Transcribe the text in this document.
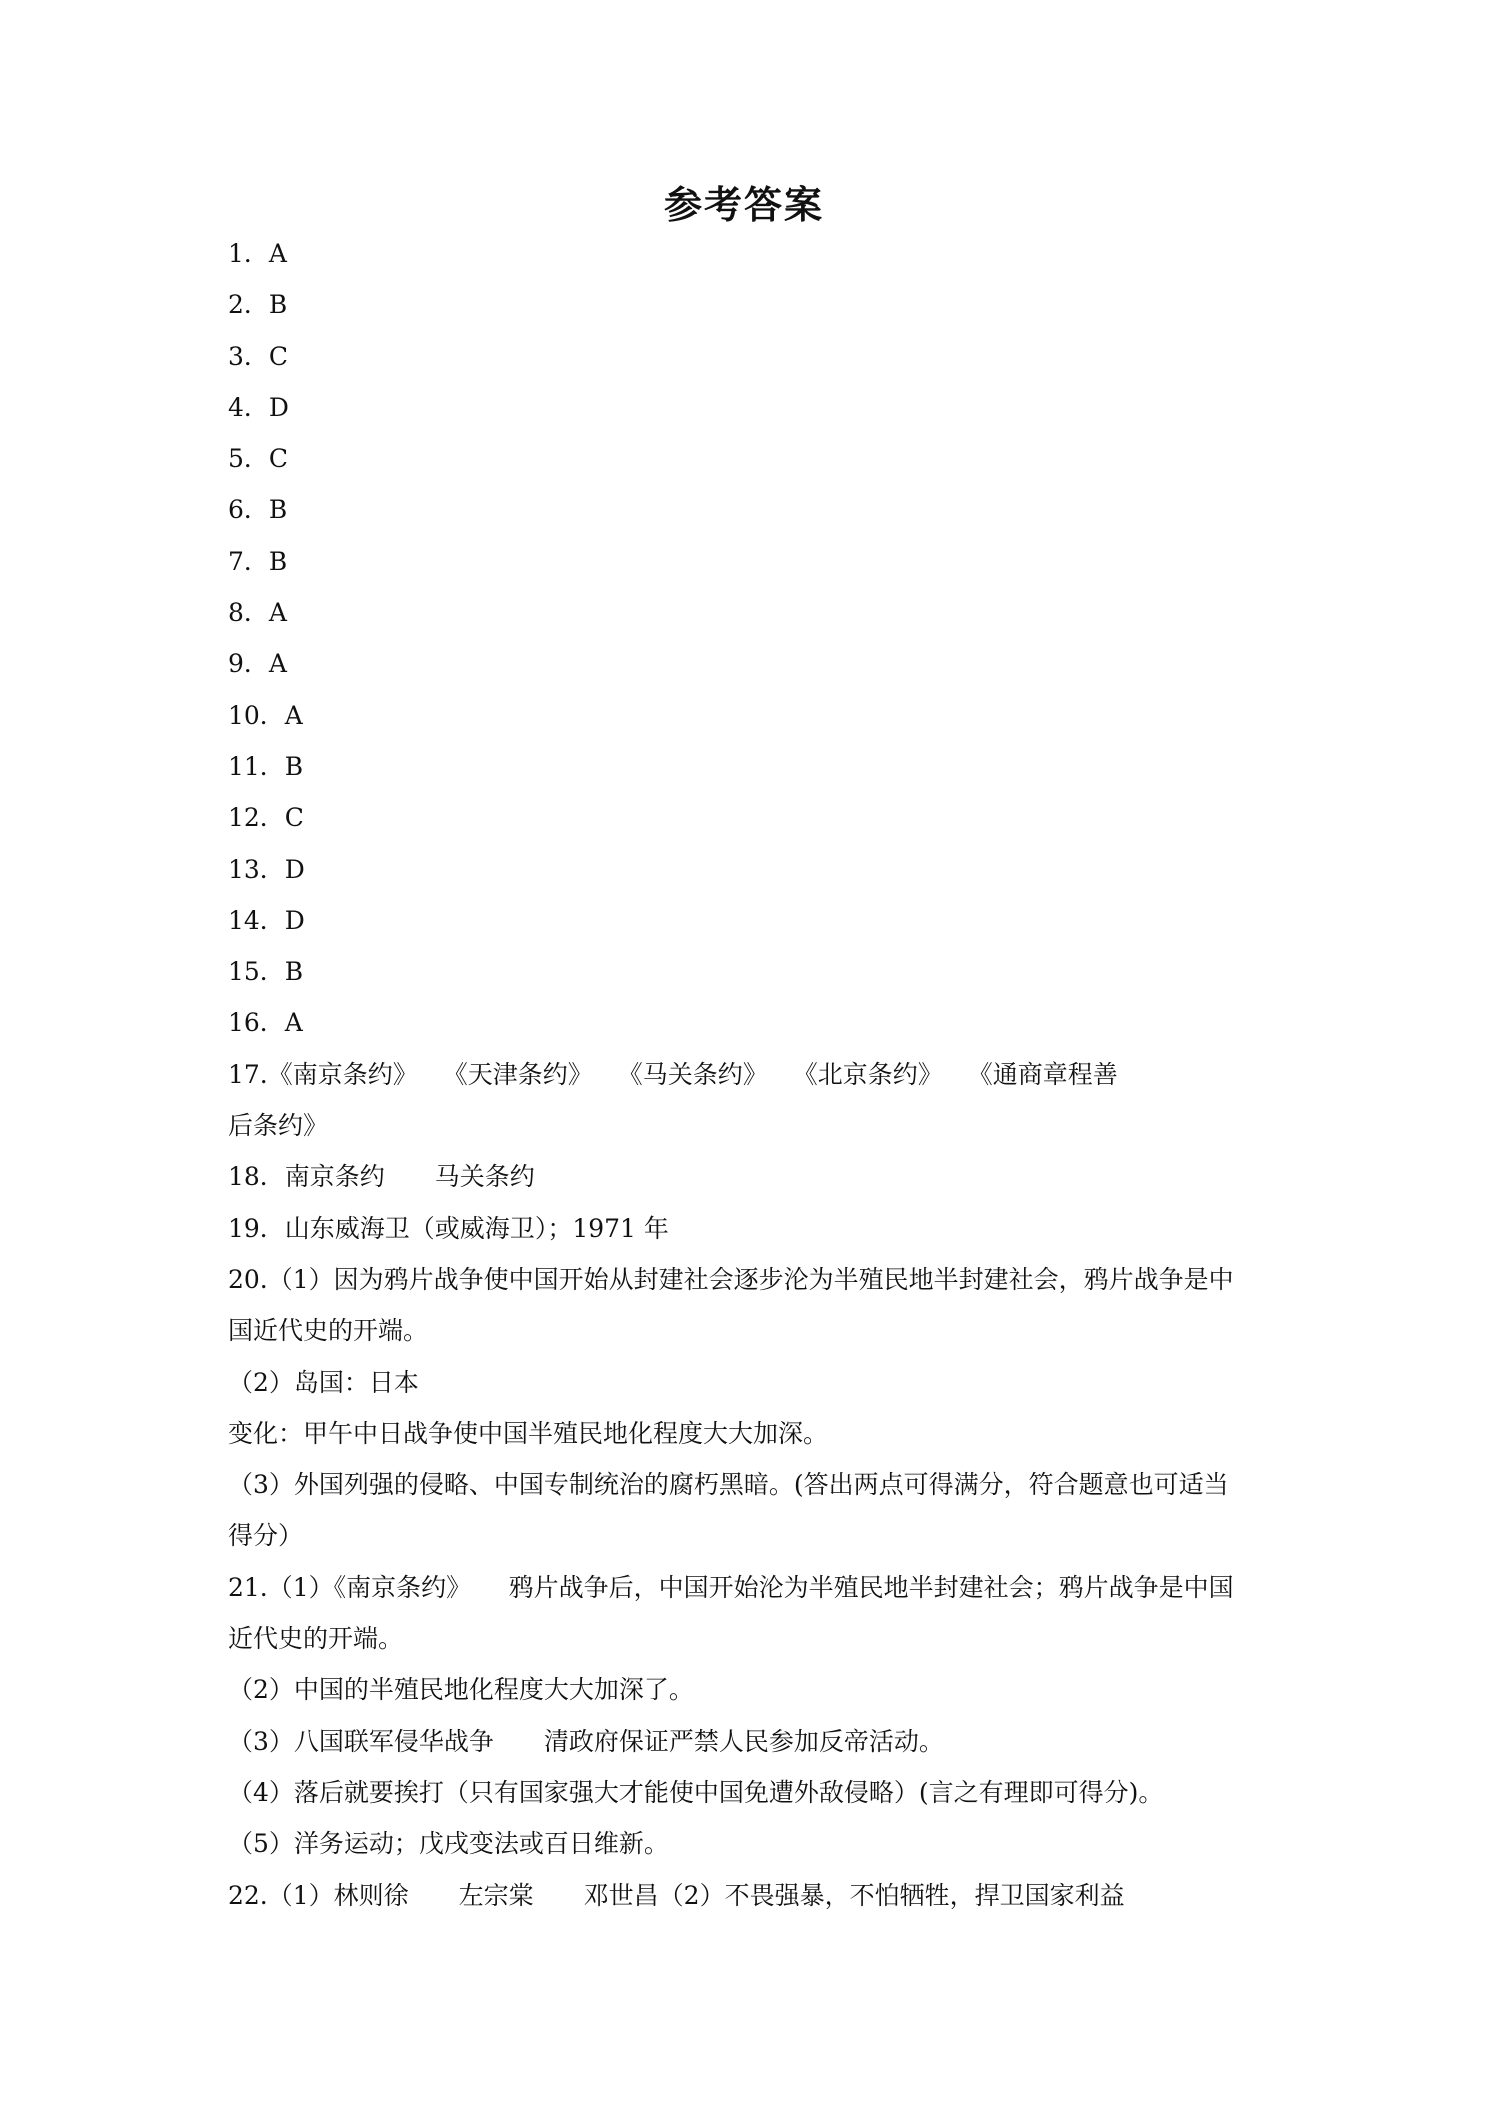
参考答案
1．A
2．B
3．C
4．D
5．C
6．B
7．B
8．A
9．A
10．A
11．B
12．C
13．D
14．D
15．B
16．A
17.《南京条约》　　《天津条约》　　《马关条约》　　《北京条约》　　《通商章程善
后条约》
18．南京条约　　马关条约
19．山东威海卫（或威海卫）；1971 年
20.（1）因为鸦片战争使中国开始从封建社会逐步沦为半殖民地半封建社会，鸦片战争是中
国近代史的开端。
（2）岛国：日本
变化：甲午中日战争使中国半殖民地化程度大大加深。
（3）外国列强的侵略、中国专制统治的腐朽黑暗。(答出两点可得满分，符合题意也可适当
得分）
21.（1）《南京条约》　　鸦片战争后，中国开始沦为半殖民地半封建社会；鸦片战争是中国
近代史的开端。
（2）中国的半殖民地化程度大大加深了。
（3）八国联军侵华战争　　清政府保证严禁人民参加反帝活动。
（4）落后就要挨打（只有国家强大才能使中国免遭外敌侵略）(言之有理即可得分)。
（5）洋务运动；戊戌变法或百日维新。
22.（1）林则徐　　左宗棠　　邓世昌（2）不畏强暴，不怕牺牲，捍卫国家利益
